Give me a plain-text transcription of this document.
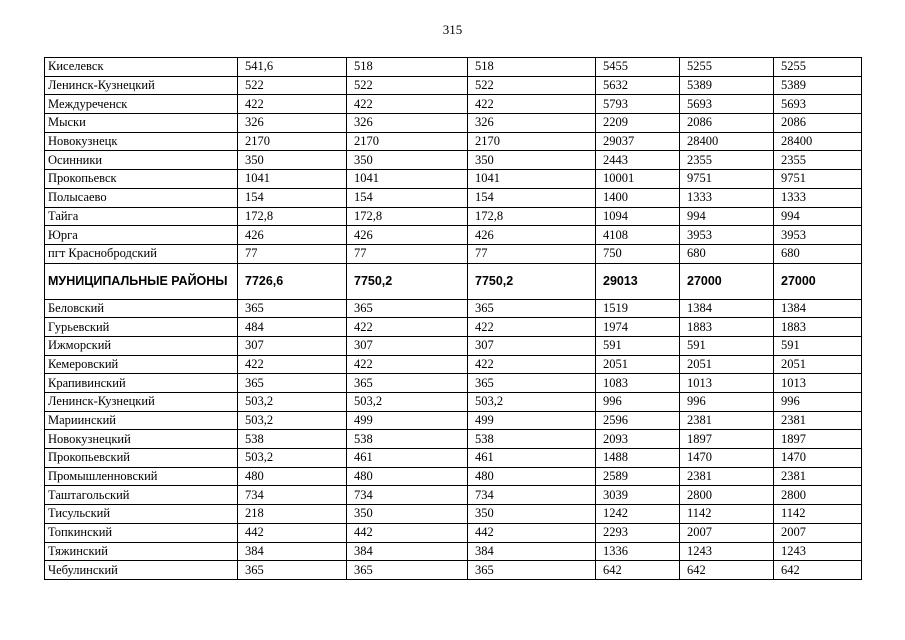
315
Киселевск	541,6	518	518	5455	5255	5255
Ленинск-Кузнецкий	522	522	522	5632	5389	5389
Междуреченск	422	422	422	5793	5693	5693
Мыски	326	326	326	2209	2086	2086
Новокузнецк	2170	2170	2170	29037	28400	28400
Осинники	350	350	350	2443	2355	2355
Прокопьевск	1041	1041	1041	10001	9751	9751
Полысаево	154	154	154	1400	1333	1333
Тайга	172,8	172,8	172,8	1094	994	994
Юрга	426	426	426	4108	3953	3953
пгт Краснобродский	77	77	77	750	680	680
МУНИЦИПАЛЬНЫЕ РАЙОНЫ	7726,6	7750,2	7750,2	29013	27000	27000
Беловский	365	365	365	1519	1384	1384
Гурьевский	484	422	422	1974	1883	1883
Ижморский	307	307	307	591	591	591
Кемеровский	422	422	422	2051	2051	2051
Крапивинский	365	365	365	1083	1013	1013
Ленинск-Кузнецкий	503,2	503,2	503,2	996	996	996
Мариинский	503,2	499	499	2596	2381	2381
Новокузнецкий	538	538	538	2093	1897	1897
Прокопьевский	503,2	461	461	1488	1470	1470
Промышленновский	480	480	480	2589	2381	2381
Таштагольский	734	734	734	3039	2800	2800
Тисульский	218	350	350	1242	1142	1142
Топкинский	442	442	442	2293	2007	2007
Тяжинский	384	384	384	1336	1243	1243
Чебулинский	365	365	365	642	642	642
